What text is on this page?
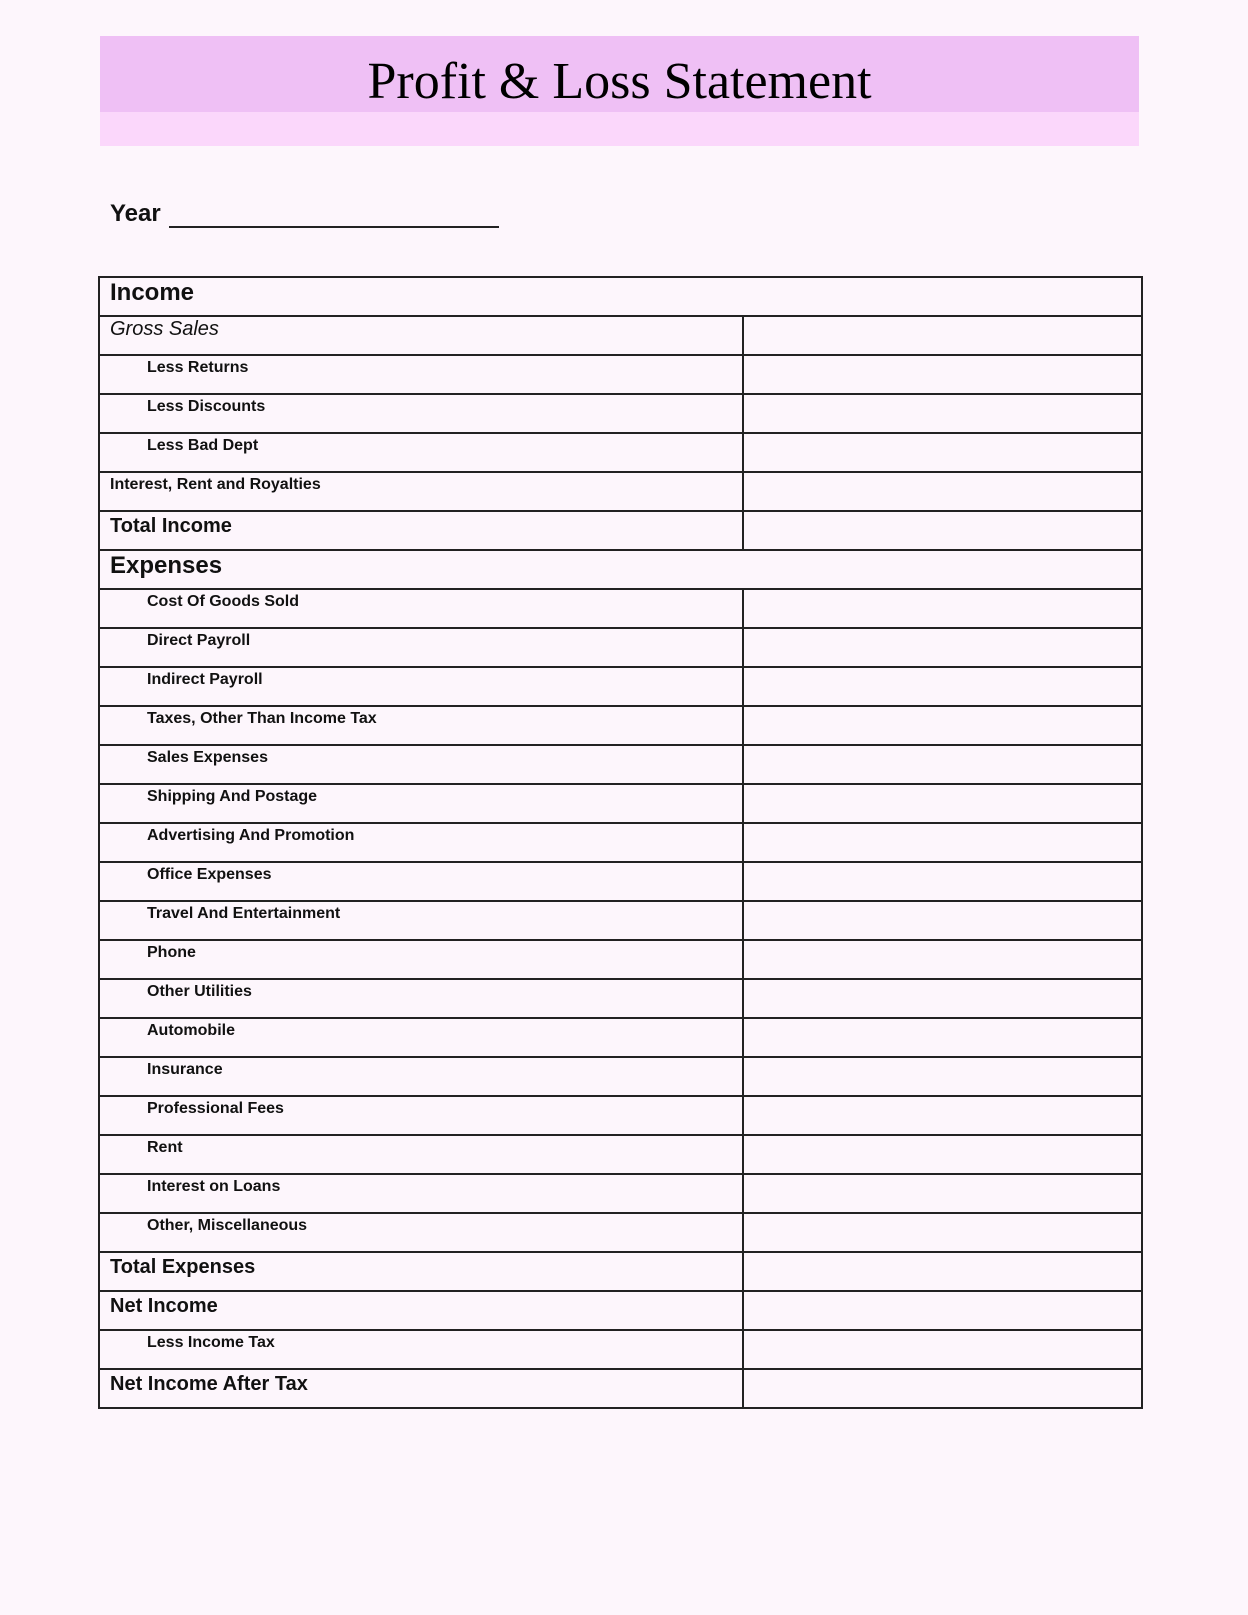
Profit & Loss Statement
Year
Income
Gross Sales
Less Returns
Less Discounts
Less Bad Dept
Interest, Rent and Royalties
Total Income
Expenses
Cost Of Goods Sold
Direct Payroll
Indirect Payroll
Taxes, Other Than Income Tax
Sales Expenses
Shipping And Postage
Advertising And Promotion
Office Expenses
Travel And Entertainment
Phone
Other Utilities
Automobile
Insurance
Professional Fees
Rent
Interest on Loans
Other, Miscellaneous
Total Expenses
Net Income
Less Income Tax
Net Income After Tax
